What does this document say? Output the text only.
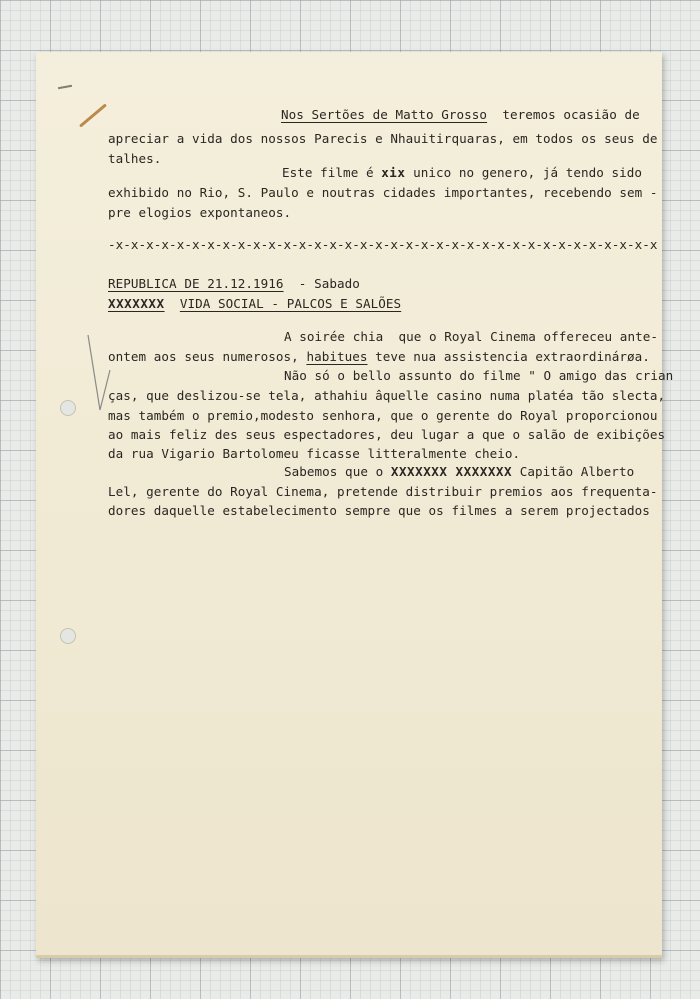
Nos Sertões de Matto Grosso  teremos ocasião de
apreciar a vida dos nossos Parecis e Nhauitirquaras, em todos os seus de
talhes.
Este filme é xix unico no genero, já tendo sido
exhibido no Rio, S. Paulo e noutras cidades importantes, recebendo sem -
pre elogios expontaneos.
-x-x-x-x-x-x-x-x-x-x-x-x-x-x-x-x-x-x-x-x-x-x-x-x-x-x-x-x-x-x-x-x-x-x-x-x
REPUBLICA DE 21.12.1916  - Sabado
XXXXXXX VIDA SOCIAL - PALCOS E SALÕES
A soirée chia  que o Royal Cinema offereceu ante-
ontem aos seus numerosos, habitues teve nua assistencia extraordinárøa.
Não só o bello assunto do filme " O amigo das crian
ças, que deslizou-se tela, athahiu âquelle casino numa platéa tão slecta,
mas também o premio,modesto senhora, que o gerente do Royal proporcionou
ao mais feliz des seus espectadores, deu lugar a que o salão de exibições
da rua Vigario Bartolomeu ficasse litteralmente cheio.
Sabemos que o XXXXXXX XXXXXXX Capitão Alberto
Lel, gerente do Royal Cinema, pretende distribuir premios aos frequenta-
dores daquelle estabelecimento sempre que os filmes a serem projectados
